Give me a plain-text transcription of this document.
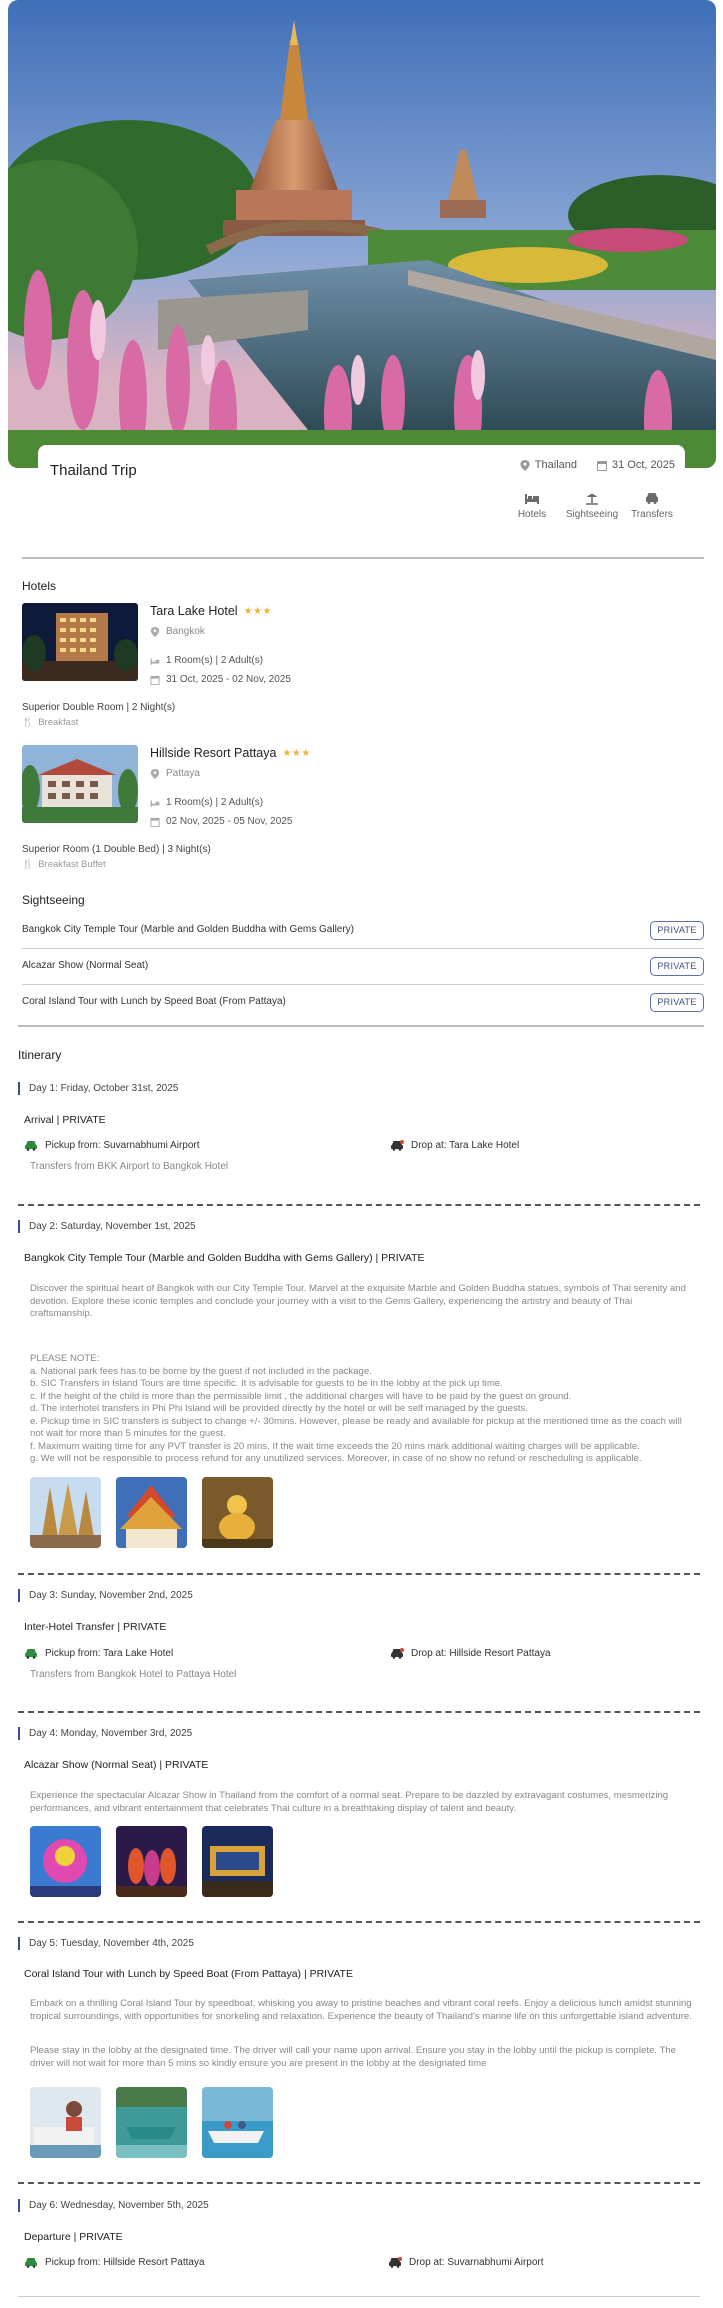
Thailand Trip	Thailand	31 Oct, 2025
Hotels Sightseeing Transfers
Hotels
Tara Lake Hotel ★★★
Bangkok
1 Room(s) | 2 Adult(s)
31 Oct, 2025 - 02 Nov, 2025
Superior Double Room | 2 Night(s)
🍴 Breakfast
Hillside Resort Pattaya ★★★
Pattaya
1 Room(s) | 2 Adult(s)
02 Nov, 2025 - 05 Nov, 2025
Superior Room (1 Double Bed) | 3 Night(s)
🍴 Breakfast Buffet
Sightseeing
Bangkok City Temple Tour (Marble and Golden Buddha with Gems Gallery)	PRIVATE
Alcazar Show (Normal Seat)	PRIVATE
Coral Island Tour with Lunch by Speed Boat (From Pattaya)	PRIVATE
Itinerary
Day 1: Friday, October 31st, 2025
Arrival | PRIVATE
Pickup from: Suvarnabhumi Airport	Drop at: Tara Lake Hotel
Transfers from BKK Airport to Bangkok Hotel
Day 2: Saturday, November 1st, 2025
Bangkok City Temple Tour (Marble and Golden Buddha with Gems Gallery) | PRIVATE
Discover the spiritual heart of Bangkok with our City Temple Tour. Marvel at the exquisite Marble and Golden Buddha statues, symbols of Thai serenity and devotion. Explore these iconic temples and conclude your journey with a visit to the Gems Gallery, experiencing the artistry and beauty of Thai craftsmanship.
PLEASE NOTE:
a. National park fees has to be borne by the guest if not included in the package.
b. SIC Transfers in Island Tours are time specific. It is advisable for guests to be in the lobby at the pick up time.
c. If the height of the child is more than the permissible limit , the additional charges will have to be paid by the guest on ground.
d. The interhotel transfers in Phi Phi Island will be provided directly by the hotel or will be self managed by the guests.
e. Pickup time in SIC transfers is subject to change +/- 30mins. However, please be ready and available for pickup at the mentioned time as the coach will not wait for more than 5 minutes for the guest.
f. Maximum waiting time for any PVT transfer is 20 mins. If the wait time exceeds the 20 mins mark additional waiting charges will be applicable.
g. We will not be responsible to process refund for any unutilized services. Moreover, in case of no show no refund or rescheduling is applicable.
Day 3: Sunday, November 2nd, 2025
Inter-Hotel Transfer | PRIVATE
Pickup from: Tara Lake Hotel	Drop at: Hillside Resort Pattaya
Transfers from Bangkok Hotel to Pattaya Hotel
Day 4: Monday, November 3rd, 2025
Alcazar Show (Normal Seat) | PRIVATE
Experience the spectacular Alcazar Show in Thailand from the comfort of a normal seat. Prepare to be dazzled by extravagant costumes, mesmerizing performances, and vibrant entertainment that celebrates Thai culture in a breathtaking display of talent and beauty.
Day 5: Tuesday, November 4th, 2025
Coral Island Tour with Lunch by Speed Boat (From Pattaya) | PRIVATE
Embark on a thrilling Coral Island Tour by speedboat, whisking you away to pristine beaches and vibrant coral reefs. Enjoy a delicious lunch amidst stunning tropical surroundings, with opportunities for snorkeling and relaxation. Experience the beauty of Thailand's marine life on this unforgettable island adventure.
Please stay in the lobby at the designated time. The driver will call your name upon arrival. Ensure you stay in the lobby until the pickup is complete. The driver will not wait for more than 5 mins so kindly ensure you are present in the lobby at the designated time
Day 6: Wednesday, November 5th, 2025
Departure | PRIVATE
Pickup from: Hillside Resort Pattaya	Drop at: Suvarnabhumi Airport
